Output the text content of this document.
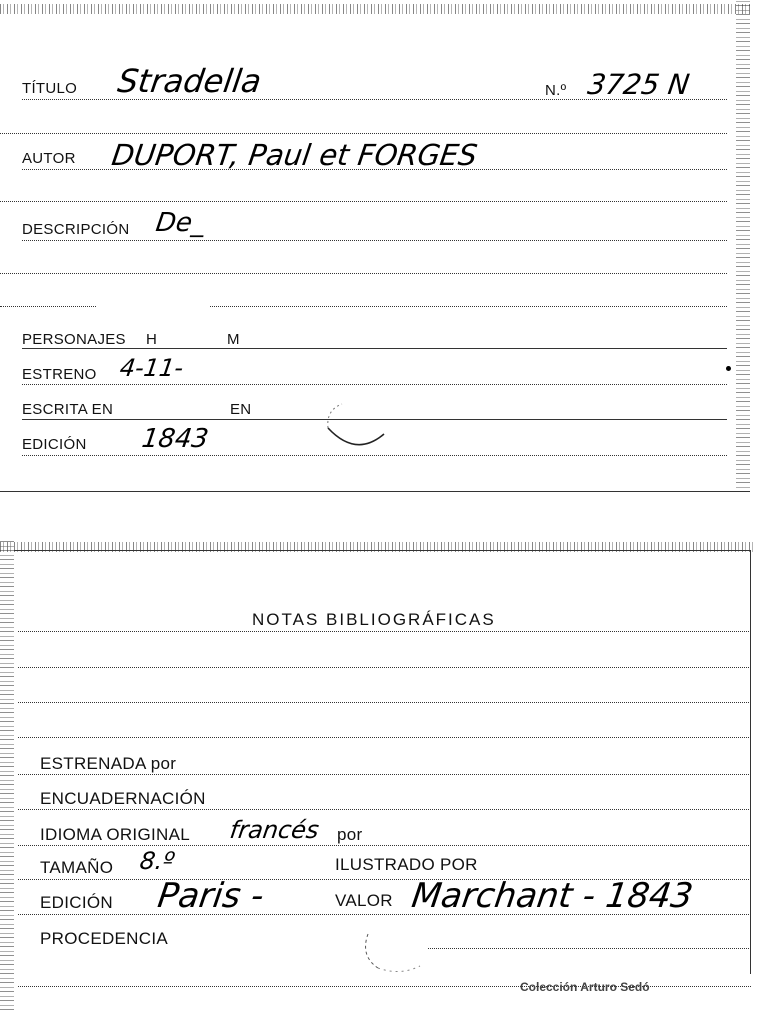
TÍTULO Stradella	N.º 3725 N
AUTOR DUPORT, Paul et FORGES
DESCRIPCIÓN De_
PERSONAJES H	M
ESTRENO 4-11-
ESCRITA EN	EN
EDICIÓN 1843
NOTAS BIBLIOGRÁFICAS
ESTRENADA por
ENCUADERNACIÓN
IDIOMA ORIGINAL francés por
TAMAÑO 8.º	ILUSTRADO POR
EDICIÓN Paris -	VALOR Marchant - 1843
PROCEDENCIA
Colección Arturo Sedó
